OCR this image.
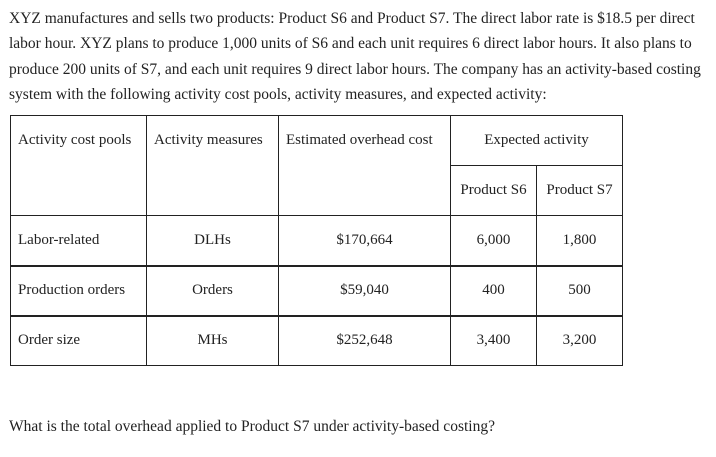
XYZ manufactures and sells two products: Product S6 and Product S7. The direct labor rate is $18.5 per direct labor hour. XYZ plans to produce 1,000 units of S6 and each unit requires 6 direct labor hours. It also plans to produce 200 units of S7, and each unit requires 9 direct labor hours. The company has an activity-based costing system with the following activity cost pools, activity measures, and expected activity:

Activity cost pools	Activity measures	Estimated overhead cost	Expected activity	
			Product S6	Product S7
Labor-related	DLHs	$170,664	6,000	1,800
Production orders	Orders	$59,040	400	500
Order size	MHs	$252,648	3,400	3,200

What is the total overhead applied to Product S7 under activity-based costing?
